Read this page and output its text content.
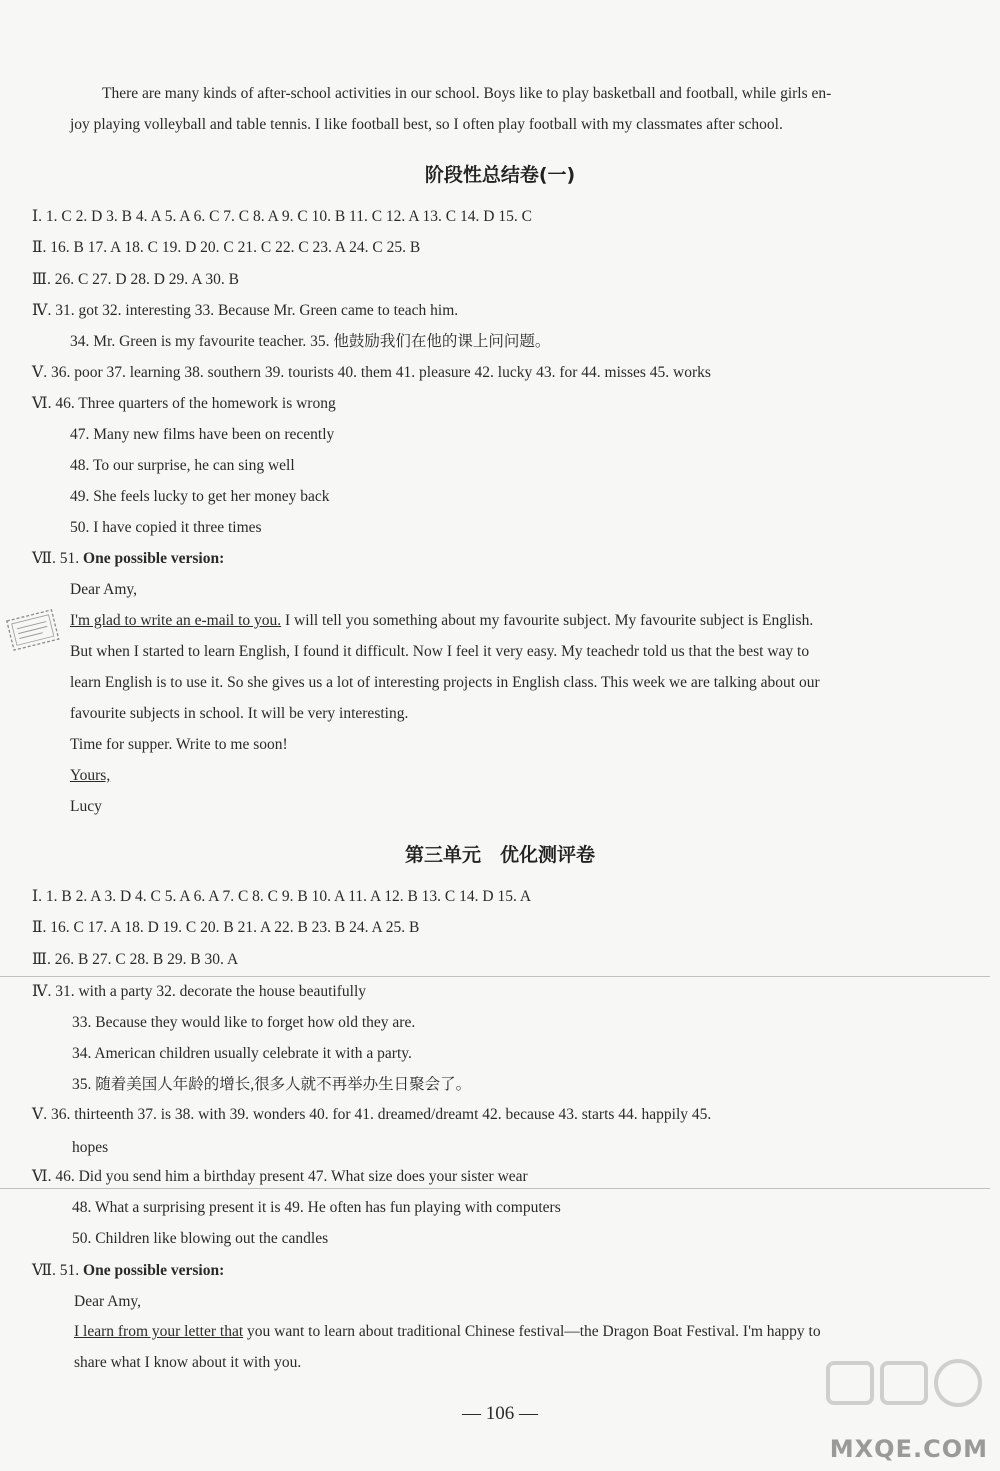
There are many kinds of after-school activities in our school. Boys like to play basketball and football, while girls en-
joy playing volleyball and table tennis. I like football best, so I often play football with my classmates after school.
阶段性总结卷(一)
Ⅰ. 1. C 2. D 3. B 4. A 5. A 6. C 7. C 8. A 9. C 10. B 11. C 12. A 13. C 14. D 15. C
Ⅱ. 16. B 17. A 18. C 19. D 20. C 21. C 22. C 23. A 24. C 25. B
Ⅲ. 26. C 27. D 28. D 29. A 30. B
Ⅳ. 31. got 32. interesting 33. Because Mr. Green came to teach him.
34. Mr. Green is my favourite teacher. 35. 他鼓励我们在他的课上问问题。
Ⅴ. 36. poor 37. learning 38. southern 39. tourists 40. them 41. pleasure 42. lucky 43. for 44. misses 45. works
Ⅵ. 46. Three quarters of the homework is wrong
47. Many new films have been on recently
48. To our surprise, he can sing well
49. She feels lucky to get her money back
50. I have copied it three times
Ⅶ. 51. One possible version:
Dear Amy,
I'm glad to write an e-mail to you. I will tell you something about my favourite subject. My favourite subject is English.
But when I started to learn English, I found it difficult. Now I feel it very easy. My teachedr told us that the best way to
learn English is to use it. So she gives us a lot of interesting projects in English class. This week we are talking about our
favourite subjects in school. It will be very interesting.
Time for supper. Write to me soon!
Yours,
Lucy
第三单元　优化测评卷
Ⅰ. 1. B 2. A 3. D 4. C 5. A 6. A 7. C 8. C 9. B 10. A 11. A 12. B 13. C 14. D 15. A
Ⅱ. 16. C 17. A 18. D 19. C 20. B 21. A 22. B 23. B 24. A 25. B
Ⅲ. 26. B 27. C 28. B 29. B 30. A
Ⅳ. 31. with a party 32. decorate the house beautifully
33. Because they would like to forget how old they are.
34. American children usually celebrate it with a party.
35. 随着美国人年龄的增长,很多人就不再举办生日聚会了。
Ⅴ. 36. thirteenth 37. is 38. with 39. wonders 40. for 41. dreamed/dreamt 42. because 43. starts 44. happily 45.
hopes
Ⅵ. 46. Did you send him a birthday present 47. What size does your sister wear
48. What a surprising present it is 49. He often has fun playing with computers
50. Children like blowing out the candles
Ⅶ. 51. One possible version:
Dear Amy,
I learn from your letter that you want to learn about traditional Chinese festival—the Dragon Boat Festival. I'm happy to
share what I know about it with you.
— 106 —
MXQE.COM
